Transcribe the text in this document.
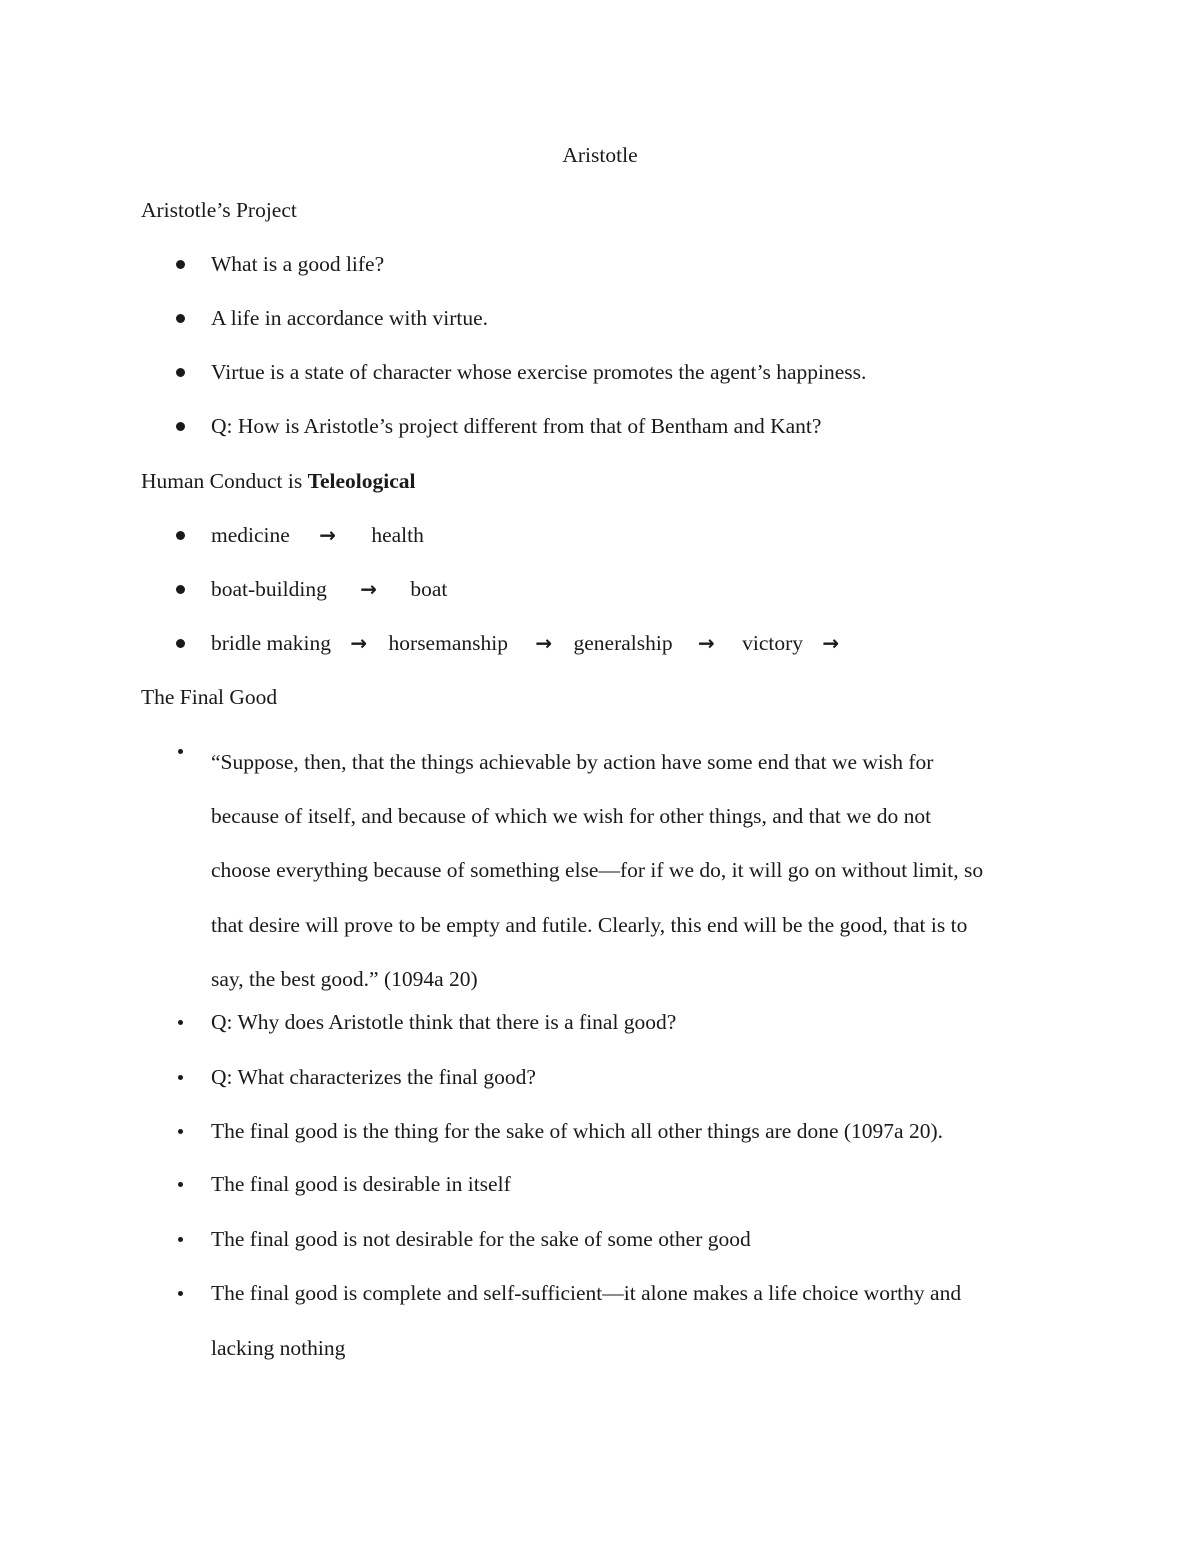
Aristotle
Aristotle’s Project
What is a good life?
A life in accordance with virtue.
Virtue is a state of character whose exercise promotes the agent’s happiness.
Q: How is Aristotle’s project different from that of Bentham and Kant?
Human Conduct is Teleological
medicine → health
boat-building → boat
bridle making → horsemanship → generalship → victory →
The Final Good
“Suppose, then, that the things achievable by action have some end that we wish for
because of itself, and because of which we wish for other things, and that we do not
choose everything because of something else—for if we do, it will go on without limit, so
that desire will prove to be empty and futile. Clearly, this end will be the good, that is to
say, the best good.” (1094a 20)
Q: Why does Aristotle think that there is a final good?
Q: What characterizes the final good?
The final good is the thing for the sake of which all other things are done (1097a 20).
The final good is desirable in itself
The final good is not desirable for the sake of some other good
The final good is complete and self-sufficient—it alone makes a life choice worthy and
lacking nothing
